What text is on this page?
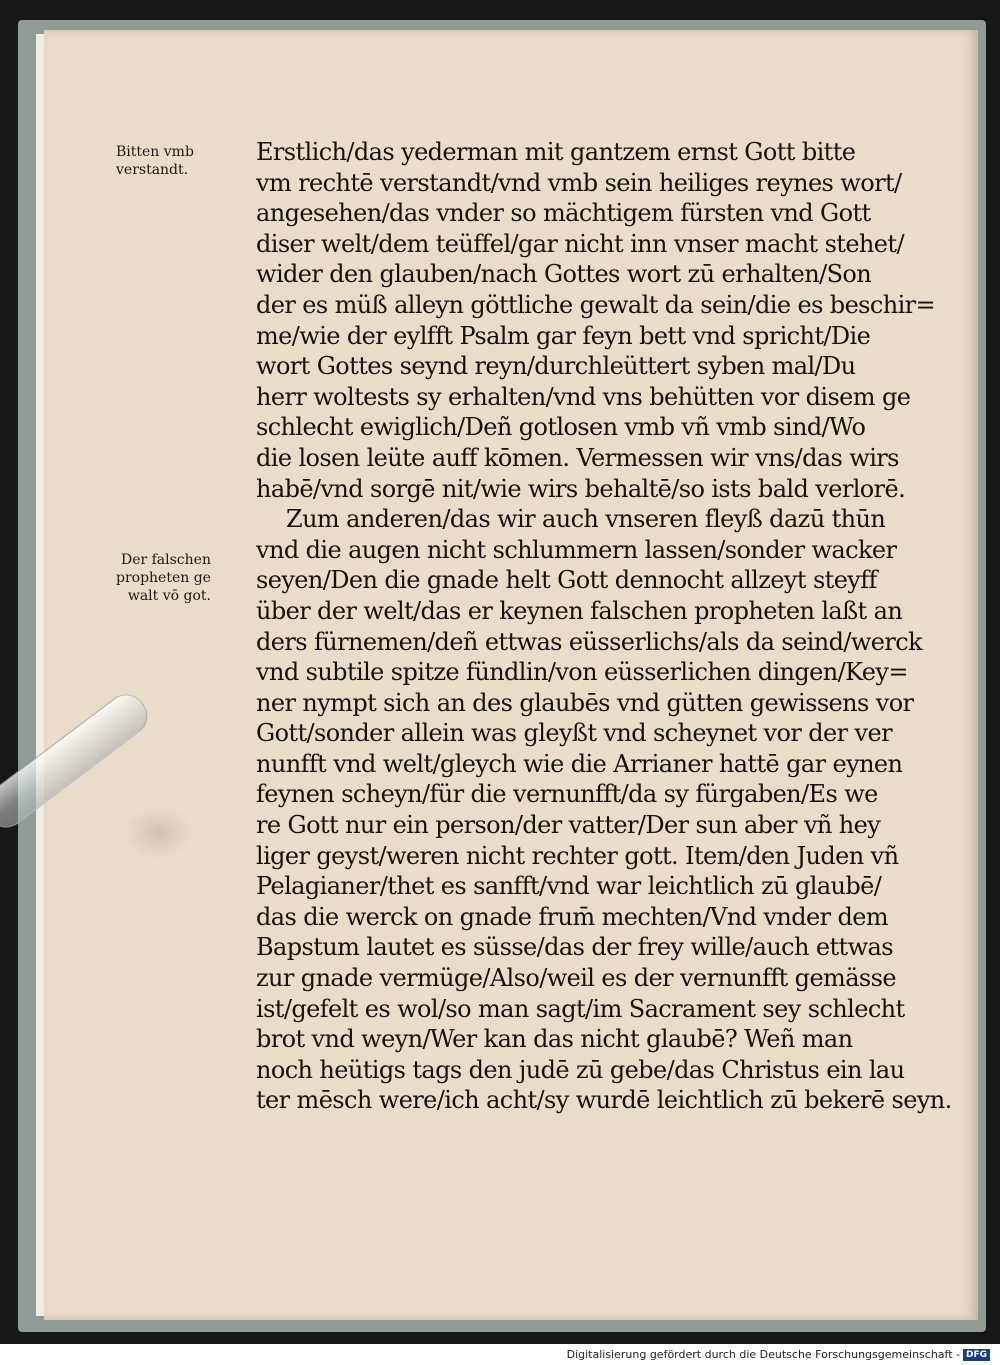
Bitten vmb
verstandt.
Der falschen
propheten ge
walt vō got.
Erstlich/das yederman mit gantzem ernst Gott bitte
vm rechtē verstandt/vnd vmb sein heiliges reynes wort/
angesehen/das vnder so mächtigem fürsten vnd Gott
diser welt/dem teüffel/gar nicht inn vnser macht stehet/
wider den glauben/nach Gottes wort zū erhalten/Son
der es müß alleyn göttliche gewalt da sein/die es beschir=
me/wie der eylfft Psalm gar feyn bett vnd spricht/Die
wort Gottes seynd reyn/durchleüttert syben mal/Du
herr woltests sy erhalten/vnd vns behütten vor disem ge
schlecht ewiglich/Deñ gotlosen vmb vñ vmb sind/Wo
die losen leüte auff kōmen. Vermessen wir vns/das wirs
habē/vnd sorgē nit/wie wirs behaltē/so ists bald verlorē.
Zum anderen/das wir auch vnseren fleyß dazū thūn
vnd die augen nicht schlummern lassen/sonder wacker
seyen/Den die gnade helt Gott dennocht allzeyt steyff
über der welt/das er keynen falschen propheten laßt an
ders fürnemen/deñ ettwas eüsserlichs/als da seind/werck
vnd subtile spitze fündlin/von eüsserlichen dingen/Key=
ner nympt sich an des glaubēs vnd gütten gewissens vor
Gott/sonder allein was gleyßt vnd scheynet vor der ver
nunfft vnd welt/gleych wie die Arrianer hattē gar eynen
feynen scheyn/für die vernunfft/da sy fürgaben/Es we
re Gott nur ein person/der vatter/Der sun aber vñ hey
liger geyst/weren nicht rechter gott. Item/den Juden vñ
Pelagianer/thet es sanfft/vnd war leichtlich zū glaubē/
das die werck on gnade frum̄ mechten/Vnd vnder dem
Bapstum lautet es süsse/das der frey wille/auch ettwas
zur gnade vermüge/Also/weil es der vernunfft gemässe
ist/gefelt es wol/so man sagt/im Sacrament sey schlecht
brot vnd weyn/Wer kan das nicht glaubē? Weñ man
noch heütigs tags den judē zū gebe/das Christus ein lau
ter mēsch were/ich acht/sy wurdē leichtlich zū bekerē seyn.
Digitalisierung gefördert durch die Deutsche Forschungsgemeinschaft - DFG
